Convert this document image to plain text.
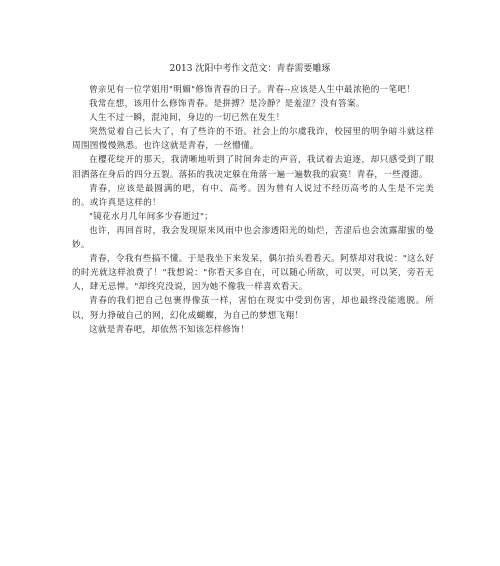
2013 沈阳中考作文范文：青春需要雕琢

曾亲见有一位学姐用"明媚"修饰青春的日子。青春--应该是人生中最浓艳的一笔吧！

我常在想，该用什么修饰青春。是拼搏？是冷静？是羞涩？没有答案。

人生不过一瞬，混沌间，身边的一切已然在发生！

突然觉着自己长大了，有了些许的不语。社会上的尔虞我诈，校园里的明争暗斗就这样周围图慢慢熟悉。也许这就是青春，一丝懵懂。

在樱花绽开的那天，我清晰地听到了时间奔走的声音，我试着去追逐，却只感受到了眼泪洒落在身后的四分五裂。落拓的我决定躲在角落一遍一遍数我的寂寞！青春，一些漫漶。

青春，应该是最圆满的吧，有中、高考。因为曾有人说过不经历高考的人生是不完美的。或许真是这样的！

"镜花水月几年间多少春逝过"；

也许，再回首时，我会发现原来风雨中也会渗透阳光的灿烂，苦涩后也会流露甜蜜的曼妙。

青春，令我有些搞不懂。于是我坐下来发呆，偶尔抬头看看天。阿蔡却对我说："这么好的时光就这样浪费了！"我想说："你看天多自在，可以随心所欲，可以哭，可以笑，旁若无人，肆无忌惮。"却终究没说，因为她不像我一样喜欢看天。

青春的我们把自己包裹得像茧一样，害怕在现实中受到伤害，却也最终没能逃脱。所以，努力挣破自己的网，幻化成蝴蝶，为自己的梦想飞翔！

这就是青春吧，却依然不知该怎样修饰！
